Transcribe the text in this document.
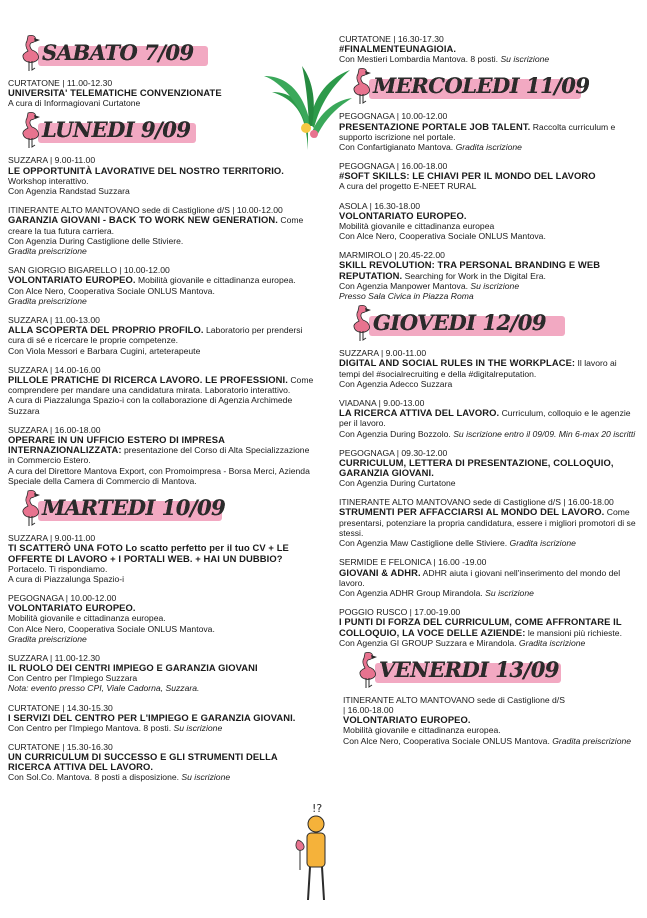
SABATO 7/09
CURTATONE | 11.00-12.30
UNIVERSITA' TELEMATICHE CONVENZIONATE
A cura di Informagiovani Curtatone
LUNEDI 9/09
SUZZARA | 9.00-11.00
LE OPPORTUNITÀ LAVORATIVE DEL NOSTRO TERRITORIO. Workshop interattivo.
Con Agenzia Randstad Suzzara
ITINERANTE ALTO MANTOVANO sede di Castiglione d/S | 10.00-12.00
GARANZIA GIOVANI - BACK TO WORK NEW GENERATION. Come creare la tua futura carriera.
Con Agenzia During Castiglione delle Stiviere.
Gradita preiscrizione
SAN GIORGIO BIGARELLO | 10.00-12.00
VOLONTARIATO EUROPEO. Mobilità giovanile e cittadinanza europea.
Con Alce Nero, Cooperativa Sociale ONLUS Mantova.
Gradita preiscrizione
SUZZARA | 11.00-13.00
ALLA SCOPERTA DEL PROPRIO PROFILO. Laboratorio per prendersi cura di sé e ricercare le proprie competenze.
Con Viola Messori e Barbara Cugini, arteterapeute
SUZZARA | 14.00-16.00
PILLOLE PRATICHE DI RICERCA LAVORO. LE PROFESSIONI. Come comprendere per mandare una candidatura mirata. Laboratorio interattivo.
A cura di Piazzalunga Spazio-i con la collaborazione di Agenzia Archimede Suzzara
SUZZARA | 16.00-18.00
OPERARE IN UN UFFICIO ESTERO DI IMPRESA INTERNAZIONALIZZATA: presentazione del Corso di Alta Specializzazione in Commercio Estero.
A cura del Direttore Mantova Export, con Promoimpresa - Borsa Merci, Azienda Speciale della Camera di Commercio di Mantova.
MARTEDI 10/09
SUZZARA | 9.00-11.00
TI SCATTERÒ UNA FOTO Lo scatto perfetto per il tuo CV + LE OFFERTE DI LAVORO + I PORTALI WEB. + HAI UN DUBBIO? Portacelo. Ti rispondiamo.
A cura di Piazzalunga Spazio-i
PEGOGNAGA | 10.00-12.00
VOLONTARIATO EUROPEO.
Mobilità giovanile e cittadinanza europea.
Con Alce Nero, Cooperativa Sociale ONLUS Mantova.
Gradita preiscrizione
SUZZARA | 11.00-12.30
IL RUOLO DEI CENTRI IMPIEGO E GARANZIA GIOVANI
Con Centro per l'Impiego Suzzara
Nota: evento presso CPI, Viale Cadorna, Suzzara.
CURTATONE | 14.30-15.30
I SERVIZI DEL CENTRO PER L'IMPIEGO E GARANZIA GIOVANI.
Con Centro per l'Impiego Mantova. 8 posti. Su iscrizione
CURTATONE | 15.30-16.30
UN CURRICULUM DI SUCCESSO E GLI STRUMENTI DELLA RICERCA ATTIVA DEL LAVORO.
Con Sol.Co. Mantova. 8 posti a disposizione. Su iscrizione
CURTATONE | 16.30-17.30
#FINALMENTEUNAGIOIA.
Con Mestieri Lombardia Mantova. 8 posti. Su iscrizione
MERCOLEDI 11/09
PEGOGNAGA | 10.00-12.00
PRESENTAZIONE PORTALE JOB TALENT. Raccolta curriculum e supporto iscrizione nel portale.
Con Confartigianato Mantova. Gradita iscrizione
PEGOGNAGA | 16.00-18.00
#SOFT SKILLS: LE CHIAVI PER IL MONDO DEL LAVORO
A cura del progetto E-NEET RURAL
ASOLA | 16.30-18.00
VOLONTARIATO EUROPEO.
Mobilità giovanile e cittadinanza europea
Con Alce Nero, Cooperativa Sociale ONLUS Mantova.
MARMIROLO | 20.45-22.00
SKILL REVOLUTION: TRA PERSONAL BRANDING E WEB REPUTATION. Searching for Work in the Digital Era.
Con Agenzia Manpower Mantova. Su iscrizione
Presso Sala Civica in Piazza Roma
GIOVEDI 12/09
SUZZARA | 9.00-11.00
DIGITAL AND SOCIAL RULES IN THE WORKPLACE: Il lavoro ai tempi del #socialrecruiting e della #digitalreputation.
Con Agenzia Adecco Suzzara
VIADANA | 9.00-13.00
LA RICERCA ATTIVA DEL LAVORO. Curriculum, colloquio e le agenzie per il lavoro.
Con Agenzia During Bozzolo. Su iscrizione entro il 09/09. Min 6-max 20 iscritti
PEGOGNAGA | 09.30-12.00
CURRICULUM, LETTERA DI PRESENTAZIONE, COLLOQUIO, GARANZIA GIOVANI.
Con Agenzia During Curtatone
ITINERANTE ALTO MANTOVANO sede di Castiglione d/S | 16.00-18.00
STRUMENTI PER AFFACCIARSI AL MONDO DEL LAVORO. Come presentarsi, potenziare la propria candidatura, essere i migliori promotori di se stessi.
Con Agenzia Maw Castiglione delle Stiviere. Gradita iscrizione
SERMIDE E FELONICA | 16.00 -19.00
GIOVANI & ADHR. ADHR aiuta i giovani nell'inserimento del mondo del lavoro.
Con Agenzia ADHR Group Mirandola. Su iscrizione
POGGIO RUSCO | 17.00-19.00
I PUNTI DI FORZA DEL CURRICULUM, COME AFFRONTARE IL COLLOQUIO, LA VOCE DELLE AZIENDE: le mansioni più richieste.
Con Agenzia GI GROUP Suzzara e Mirandola. Gradita iscrizione
VENERDI 13/09
ITINERANTE ALTO MANTOVANO sede di Castiglione d/S
| 16.00-18.00
VOLONTARIATO EUROPEO.
Mobilità giovanile e cittadinanza europea.
Con Alce Nero, Cooperativa Sociale ONLUS Mantova. Gradita preiscrizione
!?
